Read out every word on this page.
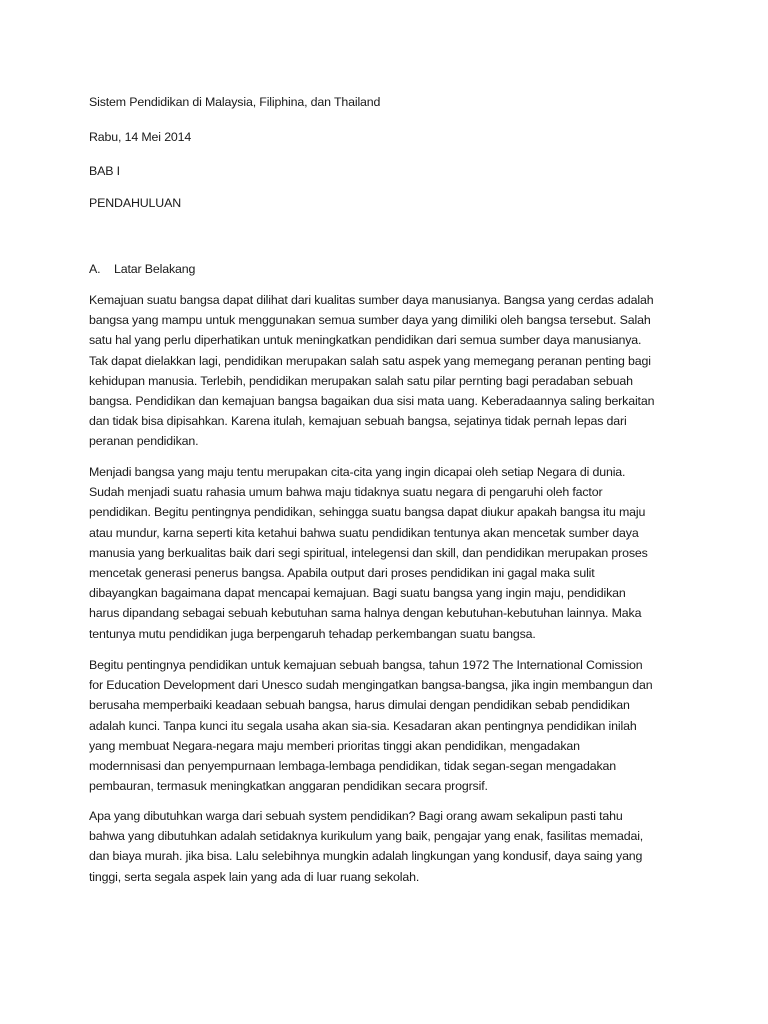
Sistem Pendidikan di Malaysia, Filiphina, dan Thailand

Rabu, 14 Mei 2014

BAB I

PENDAHULUAN

A. Latar Belakang

Kemajuan suatu bangsa dapat dilihat dari kualitas sumber daya manusianya. Bangsa yang cerdas adalah
bangsa yang mampu untuk menggunakan semua sumber daya yang dimiliki oleh bangsa tersebut. Salah
satu hal yang perlu diperhatikan untuk meningkatkan pendidikan dari semua sumber daya manusianya.
Tak dapat dielakkan lagi, pendidikan merupakan salah satu aspek yang memegang peranan penting bagi
kehidupan manusia. Terlebih, pendidikan merupakan salah satu pilar pernting bagi peradaban sebuah
bangsa. Pendidikan dan kemajuan bangsa bagaikan dua sisi mata uang. Keberadaannya saling berkaitan
dan tidak bisa dipisahkan. Karena itulah, kemajuan sebuah bangsa, sejatinya tidak pernah lepas dari
peranan pendidikan.
Menjadi bangsa yang maju tentu merupakan cita-cita yang ingin dicapai oleh setiap Negara di dunia.
Sudah menjadi suatu rahasia umum bahwa maju tidaknya suatu negara di pengaruhi oleh factor
pendidikan. Begitu pentingnya pendidikan, sehingga suatu bangsa dapat diukur apakah bangsa itu maju
atau mundur, karna seperti kita ketahui bahwa suatu pendidikan tentunya akan mencetak sumber daya
manusia yang berkualitas baik dari segi spiritual, intelegensi dan skill, dan pendidikan merupakan proses
mencetak generasi penerus bangsa. Apabila output dari proses pendidikan ini gagal maka sulit
dibayangkan bagaimana dapat mencapai kemajuan. Bagi suatu bangsa yang ingin maju, pendidikan
harus dipandang sebagai sebuah kebutuhan sama halnya dengan kebutuhan-kebutuhan lainnya. Maka
tentunya mutu pendidikan juga berpengaruh tehadap perkembangan suatu bangsa.
Begitu pentingnya pendidikan untuk kemajuan sebuah bangsa, tahun 1972 The International Comission
for Education Development dari Unesco sudah mengingatkan bangsa-bangsa, jika ingin membangun dan
berusaha memperbaiki keadaan sebuah bangsa, harus dimulai dengan pendidikan sebab pendidikan
adalah kunci. Tanpa kunci itu segala usaha akan sia-sia. Kesadaran akan pentingnya pendidikan inilah
yang membuat Negara-negara maju memberi prioritas tinggi akan pendidikan, mengadakan
modernnisasi dan penyempurnaan lembaga-lembaga pendidikan, tidak segan-segan mengadakan
pembauran, termasuk meningkatkan anggaran pendidikan secara progrsif.
Apa yang dibutuhkan warga dari sebuah system pendidikan? Bagi orang awam sekalipun pasti tahu
bahwa yang dibutuhkan adalah setidaknya kurikulum yang baik, pengajar yang enak, fasilitas memadai,
dan biaya murah. jika bisa. Lalu selebihnya mungkin adalah lingkungan yang kondusif, daya saing yang
tinggi, serta segala aspek lain yang ada di luar ruang sekolah.
